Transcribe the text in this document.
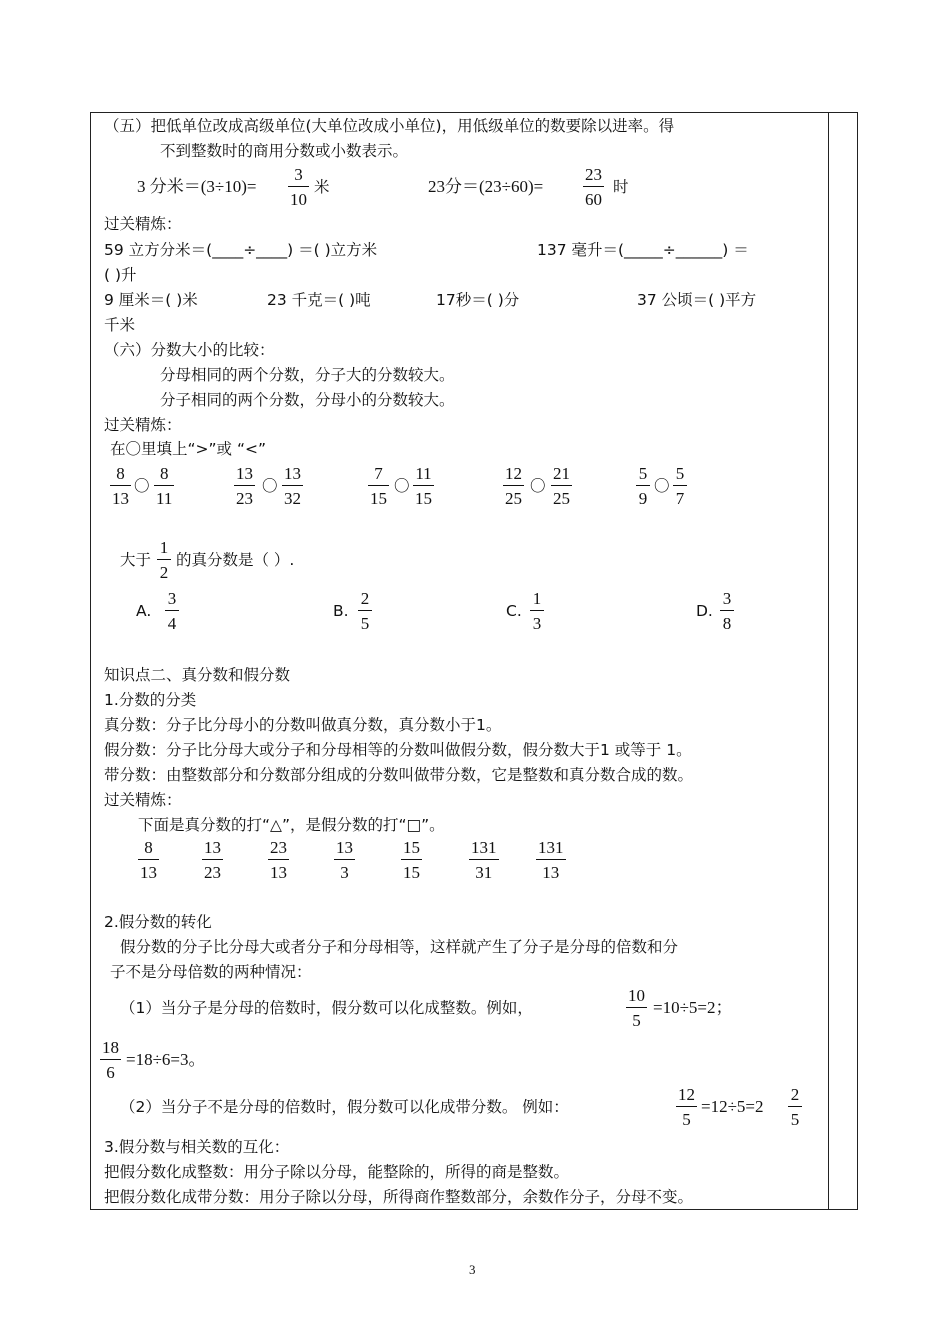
（五）把低单位改成高级单位(大单位改成小单位)，用低级单位的数要除以进率。得
不到整数时的商用分数或小数表示。
3 分米＝(3÷10)=
3
10
米	23分＝(23÷60)=
23
60
时
过关精炼：
59 立方分米＝(____÷____) ＝( )立方米	137 毫升＝(_____÷______) ＝
( )升
9 厘米＝( )米	23 千克＝( )吨	17秒＝( )分	37 公顷＝( )平方
千米
（六）分数大小的比较：
分母相同的两个分数，分子大的分数较大。
分子相同的两个分数，分母小的分数较大。
过关精炼：
在〇里填上“>”或 “<”
8
13
〇
8
11
13
23
〇
13
32
7
15
〇
11
15
12
25
〇
21
25
5
9
〇
5
7
大于
1
2
的真分数是（ ）.
A.
3
4
B.
2
5
C.
1
3
D.
3
8
知识点二、真分数和假分数
1.分数的分类
真分数：分子比分母小的分数叫做真分数，真分数小于1。
假分数：分子比分母大或分子和分母相等的分数叫做假分数，假分数大于1 或等于 1。
带分数：由整数部分和分数部分组成的分数叫做带分数，它是整数和真分数合成的数。
过关精炼：
下面是真分数的打“△”，是假分数的打“□”。
8
13
13
23
23
13
13
3
15
15
131
31
131
13
2.假分数的转化
假分数的分子比分母大或者分子和分母相等，这样就产生了分子是分母的倍数和分
子不是分母倍数的两种情况：
（1）当分子是分母的倍数时，假分数可以化成整数。例如，
10
5
=10÷5=2；
18
6
=18÷6=3。
（2）当分子不是分母的倍数时，假分数可以化成带分数。 例如：
12
5
=12÷5=2
2
5
3.假分数与相关数的互化：
把假分数化成整数：用分子除以分母，能整除的，所得的商是整数。
把假分数化成带分数：用分子除以分母，所得商作整数部分，余数作分子，分母不变。
3
